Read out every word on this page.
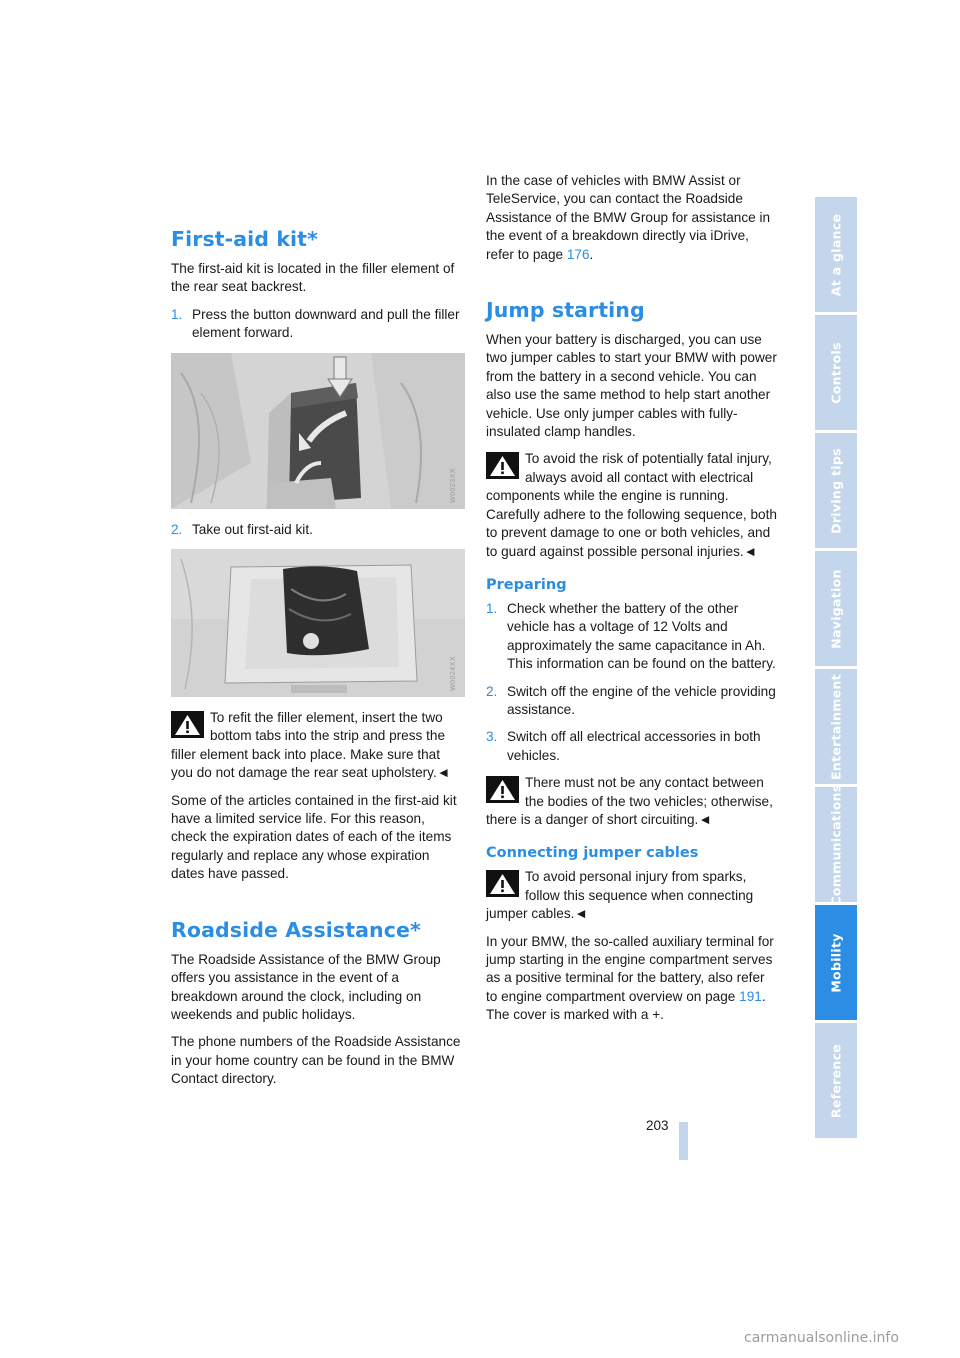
First-aid kit*

The first-aid kit is located in the filler element of the rear seat backrest.

1. Press the button downward and pull the filler element forward.
W0023XX
2. Take out first-aid kit.
W0024XX
To refit the filler element, insert the two bottom tabs into the strip and press the filler element back into place. Make sure that you do not damage the rear seat upholstery.◄

Some of the articles contained in the first-aid kit have a limited service life. For this reason, check the expiration dates of each of the items regularly and replace any whose expiration dates have passed.

Roadside Assistance*

The Roadside Assistance of the BMW Group offers you assistance in the event of a breakdown around the clock, including on weekends and public holidays.

The phone numbers of the Roadside Assistance in your home country can be found in the BMW Contact directory.

In the case of vehicles with BMW Assist or TeleService, you can contact the Roadside Assistance of the BMW Group for assistance in the event of a breakdown directly via iDrive, refer to page 176.

Jump starting

When your battery is discharged, you can use two jumper cables to start your BMW with power from the battery in a second vehicle. You can also use the same method to help start another vehicle. Use only jumper cables with fully-insulated clamp handles.

To avoid the risk of potentially fatal injury, always avoid all contact with electrical components while the engine is running. Carefully adhere to the following sequence, both to prevent damage to one or both vehicles, and to guard against possible personal injuries.◄
Preparing
1. Check whether the battery of the other vehicle has a voltage of 12 Volts and approximately the same capacitance in Ah. This information can be found on the battery.
2. Switch off the engine of the vehicle providing assistance.
3. Switch off all electrical accessories in both vehicles.
There must not be any contact between the bodies of the two vehicles; otherwise, there is a danger of short circuiting.◄
Connecting jumper cables
To avoid personal injury from sparks, follow this sequence when connecting jumper cables.◄

In your BMW, the so-called auxiliary terminal for jump starting in the engine compartment serves as a positive terminal for the battery, also refer to engine compartment overview on page 191. The cover is marked with a +.

At a glance
Controls
Driving tips
Navigation
Entertainment
Communications
Mobility
Reference
203
carmanualsonline.info
